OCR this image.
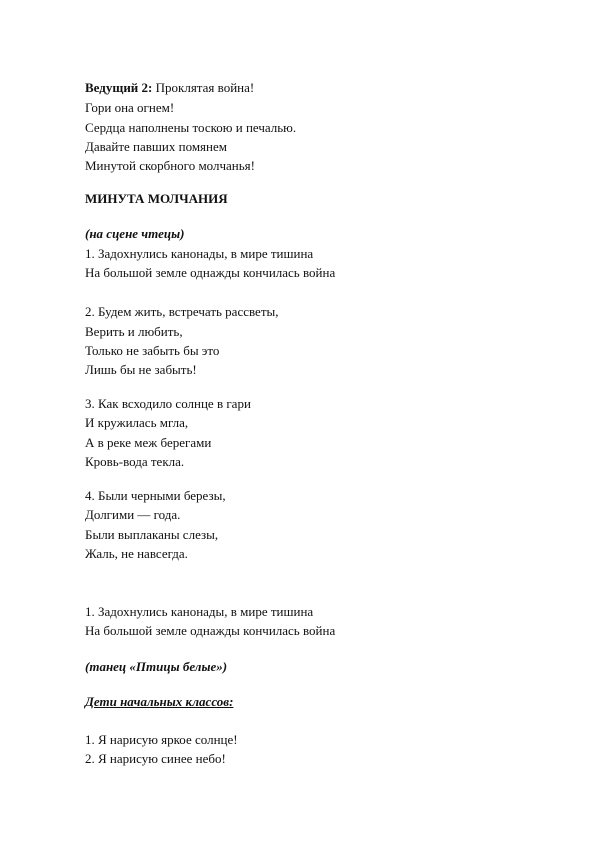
Ведущий 2: Проклятая война!
Гори она огнем!
Сердца наполнены тоскою и печалью.
Давайте павших помянем
Минутой скорбного молчанья!
МИНУТА МОЛЧАНИЯ
(на сцене чтецы)
1. Задохнулись канонады, в мире тишина
На большой земле однажды кончилась война
2. Будем жить, встречать рассветы,
Верить и любить,
Только не забыть бы это
Лишь бы не забыть!
3. Как всходило солнце в гари
И кружилась мгла,
А в реке меж берегами
Кровь-вода текла.
4. Были черными березы,
Долгими — года.
Были выплаканы слезы,
Жаль, не навсегда.
1. Задохнулись канонады, в мире тишина
На большой земле однажды кончилась война
(танец «Птицы белые»)
Дети начальных классов:
1. Я нарисую яркое солнце!
2. Я нарисую синее небо!
